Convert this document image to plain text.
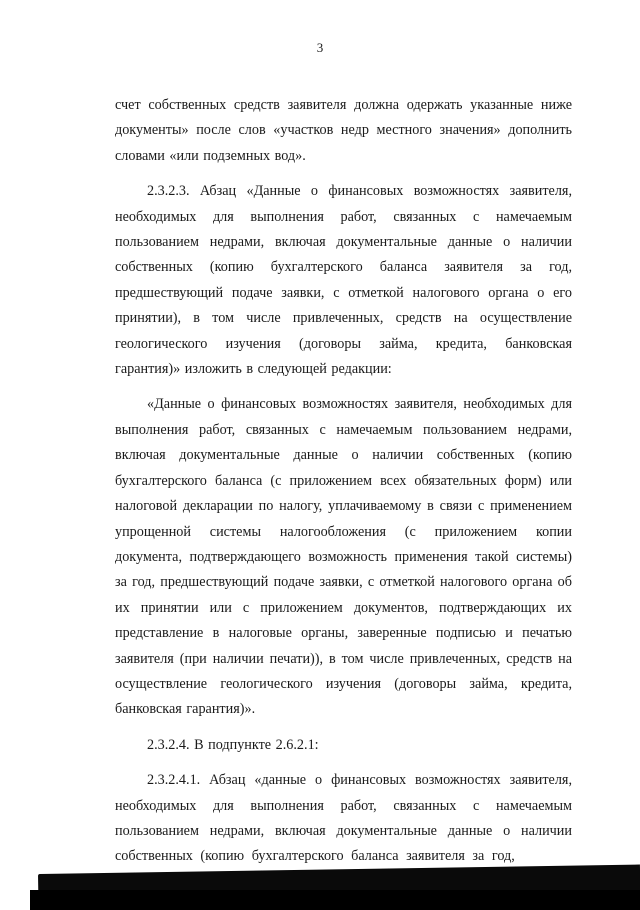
3

счет собственных средств заявителя должна одержать указанные ниже документы» после слов «участков недр местного значения» дополнить словами «или подземных вод».

2.3.2.3. Абзац «Данные о финансовых возможностях заявителя, необходимых для выполнения работ, связанных с намечаемым пользованием недрами, включая документальные данные о наличии собственных (копию бухгалтерского баланса заявителя за год, предшествующий подаче заявки, с отметкой налогового органа о его принятии), в том числе привлеченных, средств на осуществление геологического изучения (договоры займа, кредита, банковская гарантия)» изложить в следующей редакции:

«Данные о финансовых возможностях заявителя, необходимых для выполнения работ, связанных с намечаемым пользованием недрами, включая документальные данные о наличии собственных (копию бухгалтерского баланса (с приложением всех обязательных форм) или налоговой декларации по налогу, уплачиваемому в связи с применением упрощенной системы налогообложения (с приложением копии документа, подтверждающего возможность применения такой системы) за год, предшествующий подаче заявки, с отметкой налогового органа об их принятии или с приложением документов, подтверждающих их представление в налоговые органы, заверенные подписью и печатью заявителя (при наличии печати)), в том числе привлеченных, средств на осуществление геологического изучения (договоры займа, кредита, банковская гарантия)».

2.3.2.4. В подпункте 2.6.2.1:

2.3.2.4.1. Абзац «данные о финансовых возможностях заявителя, необходимых для выполнения работ, связанных с намечаемым пользованием недрами, включая документальные данные о наличии собственных (копию бухгалтерского баланса заявителя за год,
